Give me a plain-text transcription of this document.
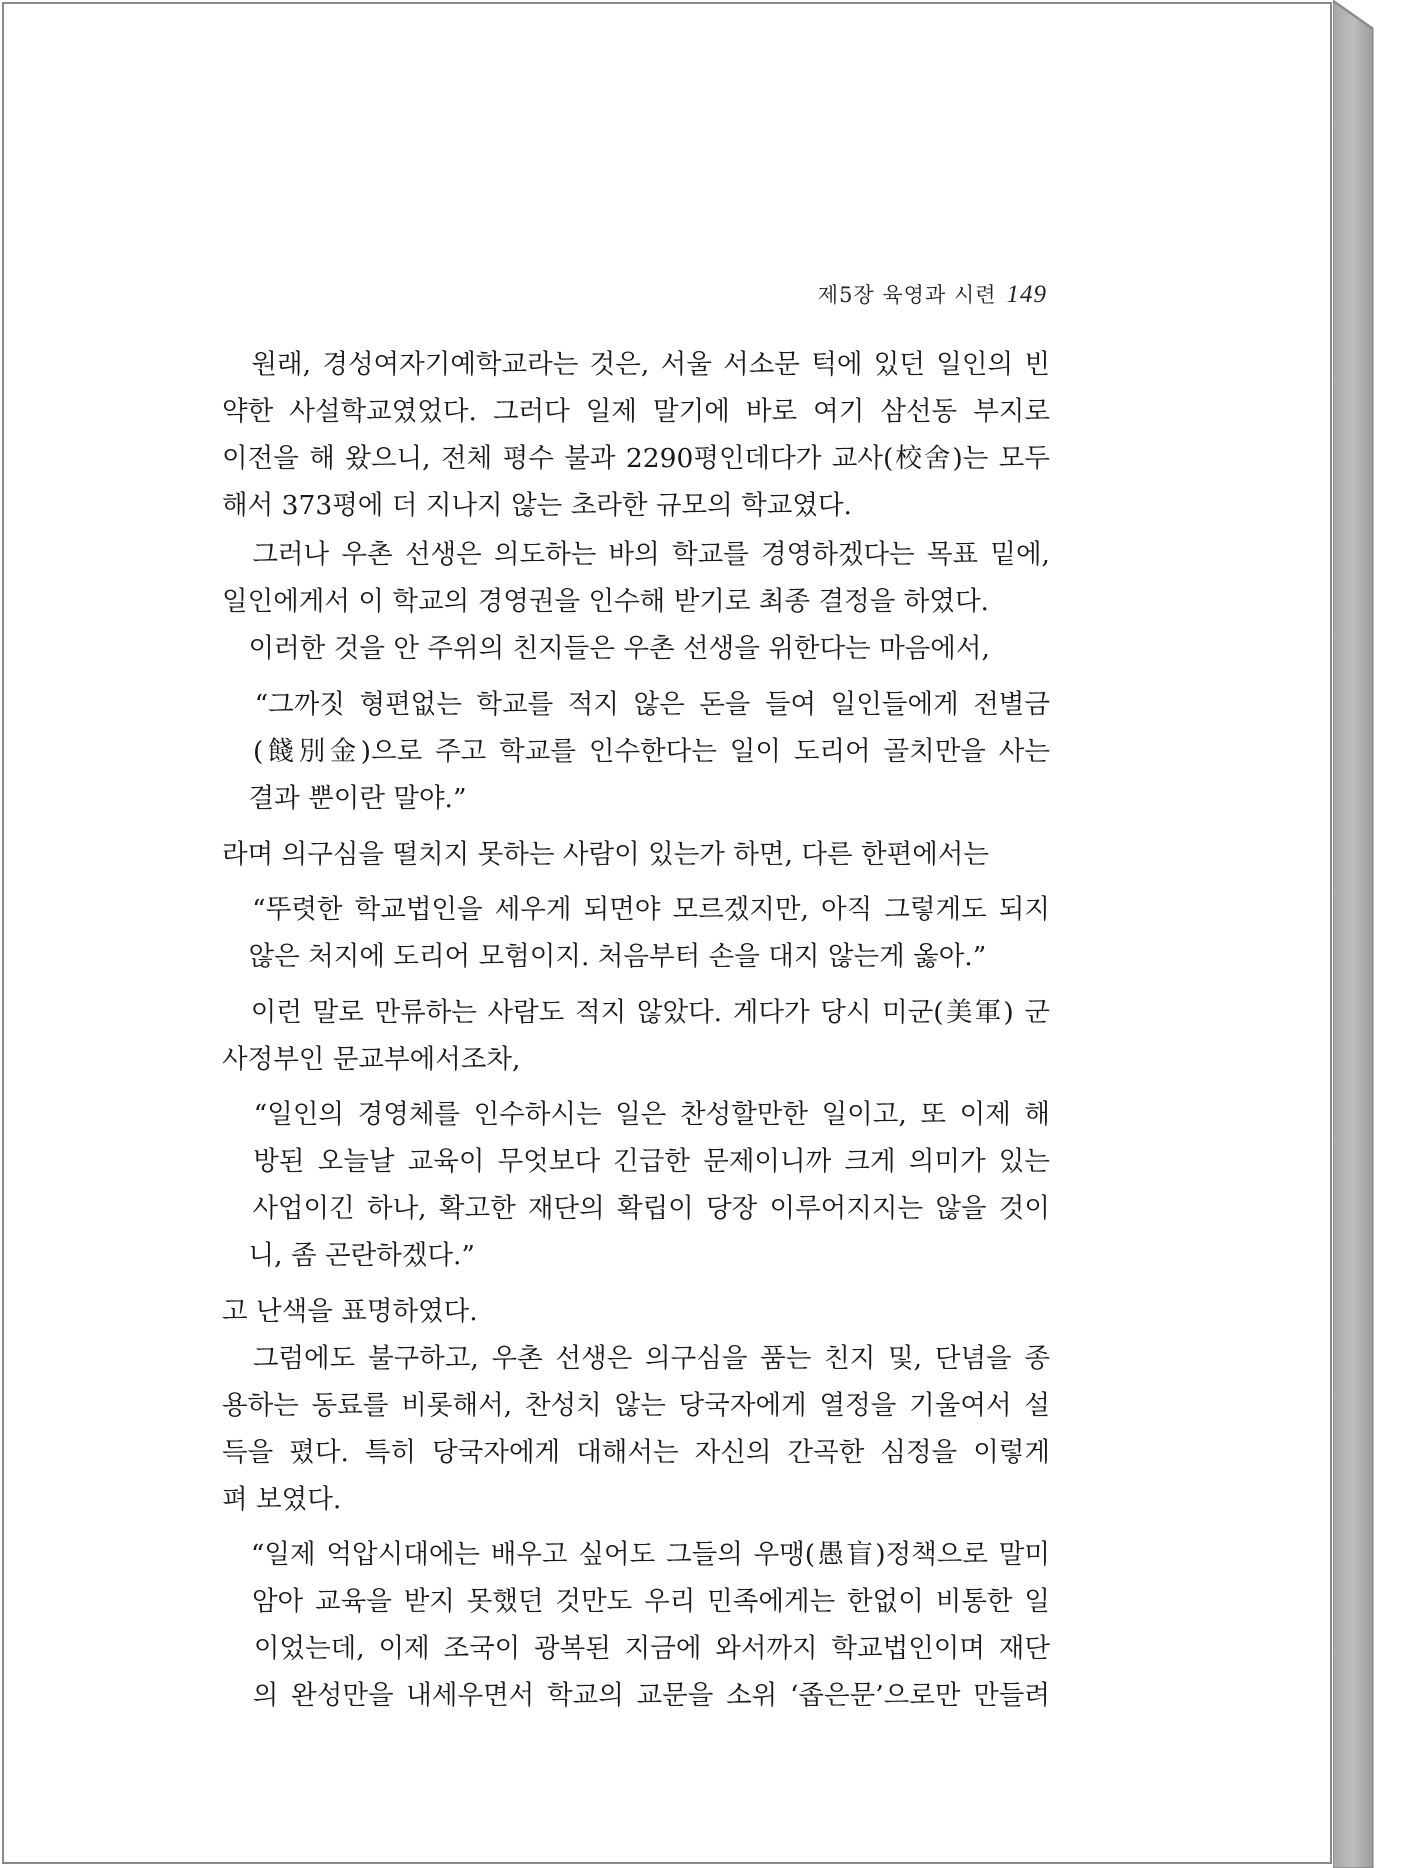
제5장 육영과 시련 149
　원래, 경성여자기예학교라는 것은, 서울 서소문 턱에 있던 일인의 빈
약한 사설학교였었다. 그러다 일제 말기에 바로 여기 삼선동 부지로
이전을 해 왔으니, 전체 평수 불과 2290평인데다가 교사(校舍)는 모두
해서 373평에 더 지나지 않는 초라한 규모의 학교였다.
　그러나 우촌 선생은 의도하는 바의 학교를 경영하겠다는 목표 밑에,
일인에게서 이 학교의 경영권을 인수해 받기로 최종 결정을 하였다.
　이러한 것을 안 주위의 친지들은 우촌 선생을 위한다는 마음에서,
　“그까짓 형편없는 학교를 적지 않은 돈을 들여 일인들에게 전별금
　(餞別金)으로 주고 학교를 인수한다는 일이 도리어 골치만을 사는
　결과 뿐이란 말야.”
라며 의구심을 떨치지 못하는 사람이 있는가 하면, 다른 한편에서는
　“뚜렷한 학교법인을 세우게 되면야 모르겠지만, 아직 그렇게도 되지
　않은 처지에 도리어 모험이지. 처음부터 손을 대지 않는게 옳아.”
　이런 말로 만류하는 사람도 적지 않았다. 게다가 당시 미군(美軍) 군
사정부인 문교부에서조차,
　“일인의 경영체를 인수하시는 일은 찬성할만한 일이고, 또 이제 해
　방된 오늘날 교육이 무엇보다 긴급한 문제이니까 크게 의미가 있는
　사업이긴 하나, 확고한 재단의 확립이 당장 이루어지지는 않을 것이
　니, 좀 곤란하겠다.”
고 난색을 표명하였다.
　그럼에도 불구하고, 우촌 선생은 의구심을 품는 친지 및, 단념을 종
용하는 동료를 비롯해서, 찬성치 않는 당국자에게 열정을 기울여서 설
득을 폈다. 특히 당국자에게 대해서는 자신의 간곡한 심정을 이렇게
펴 보였다.
　“일제 억압시대에는 배우고 싶어도 그들의 우맹(愚盲)정책으로 말미
　암아 교육을 받지 못했던 것만도 우리 민족에게는 한없이 비통한 일
　이었는데, 이제 조국이 광복된 지금에 와서까지 학교법인이며 재단
　의 완성만을 내세우면서 학교의 교문을 소위 ‘좁은문’으로만 만들려
